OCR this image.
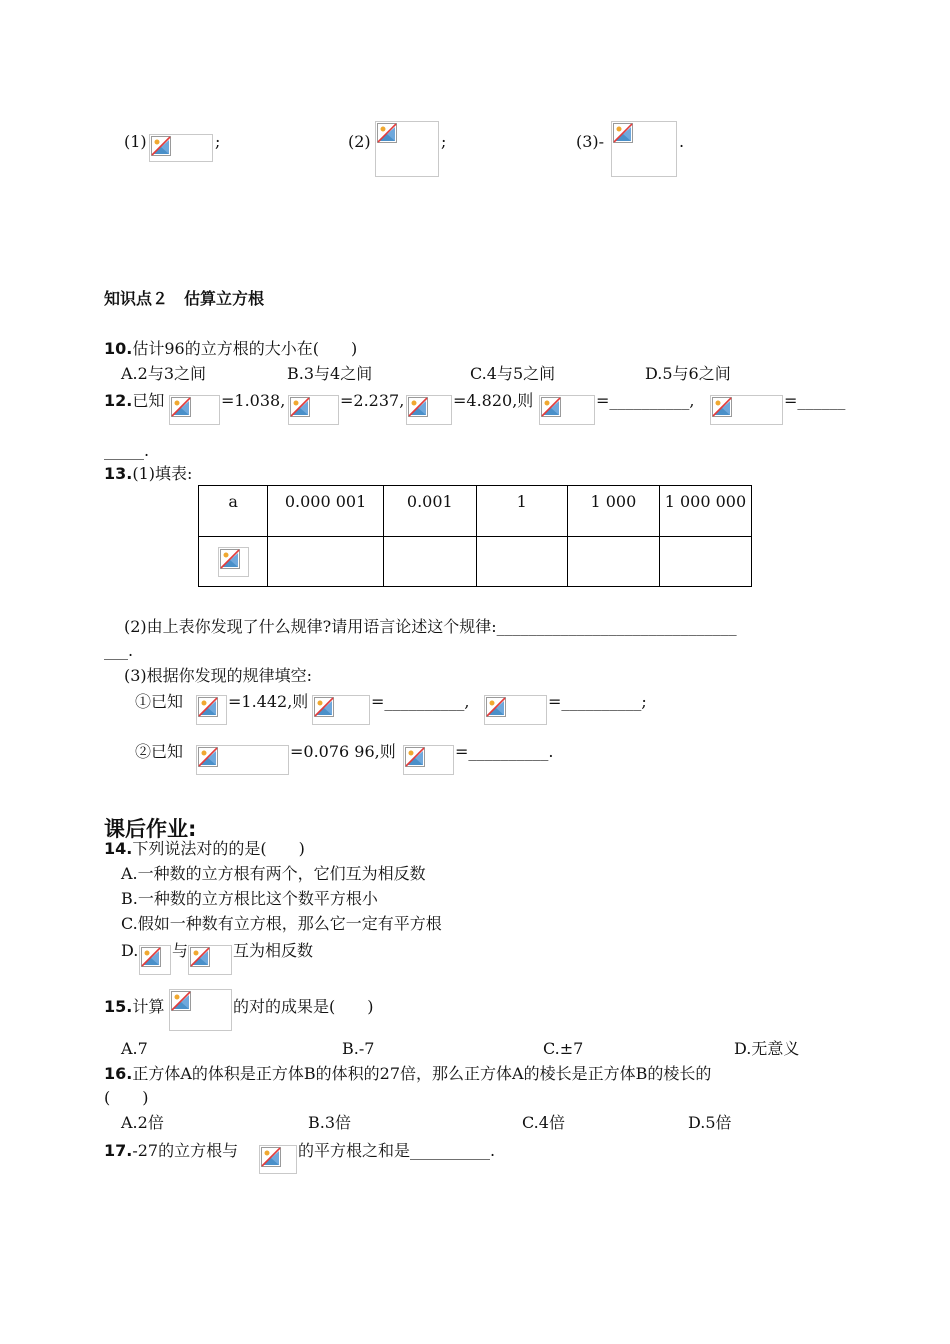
(1)	;	(2)	;	(3)-	.
知识点２　估算立方根
10.估计96的立方根的大小在(　　)
A.2与3之间	B.3与4之间	C.4与5之间	D.5与6之间
12.已知	=1.038,	=2.237,	=4.820,则	=__________,	=______
_____.
13.(1)填表:
a	0.000 001	0.001	1	1 000	1 000 000

(2)由上表你发现了什么规律?请用语言论述这个规律:______________________________
___.
(3)根据你发现的规律填空:
①已知	=1.442,则	=__________,	=__________;
②已知	=0.076 96,则	=__________.
课后作业:
14.下列说法对的的是(　　)
A.一种数的立方根有两个，它们互为相反数
B.一种数的立方根比这个数平方根小
C.假如一种数有立方根，那么它一定有平方根
D. 与	互为相反数
15.计算	的对的成果是(　　)
A.7	B.-7	C.±7	D.无意义
16.正方体A的体积是正方体B的体积的27倍，那么正方体A的棱长是正方体B的棱长的
(　　)
A.2倍	B.3倍	C.4倍	D.5倍
17.-27的立方根与	的平方根之和是__________.
